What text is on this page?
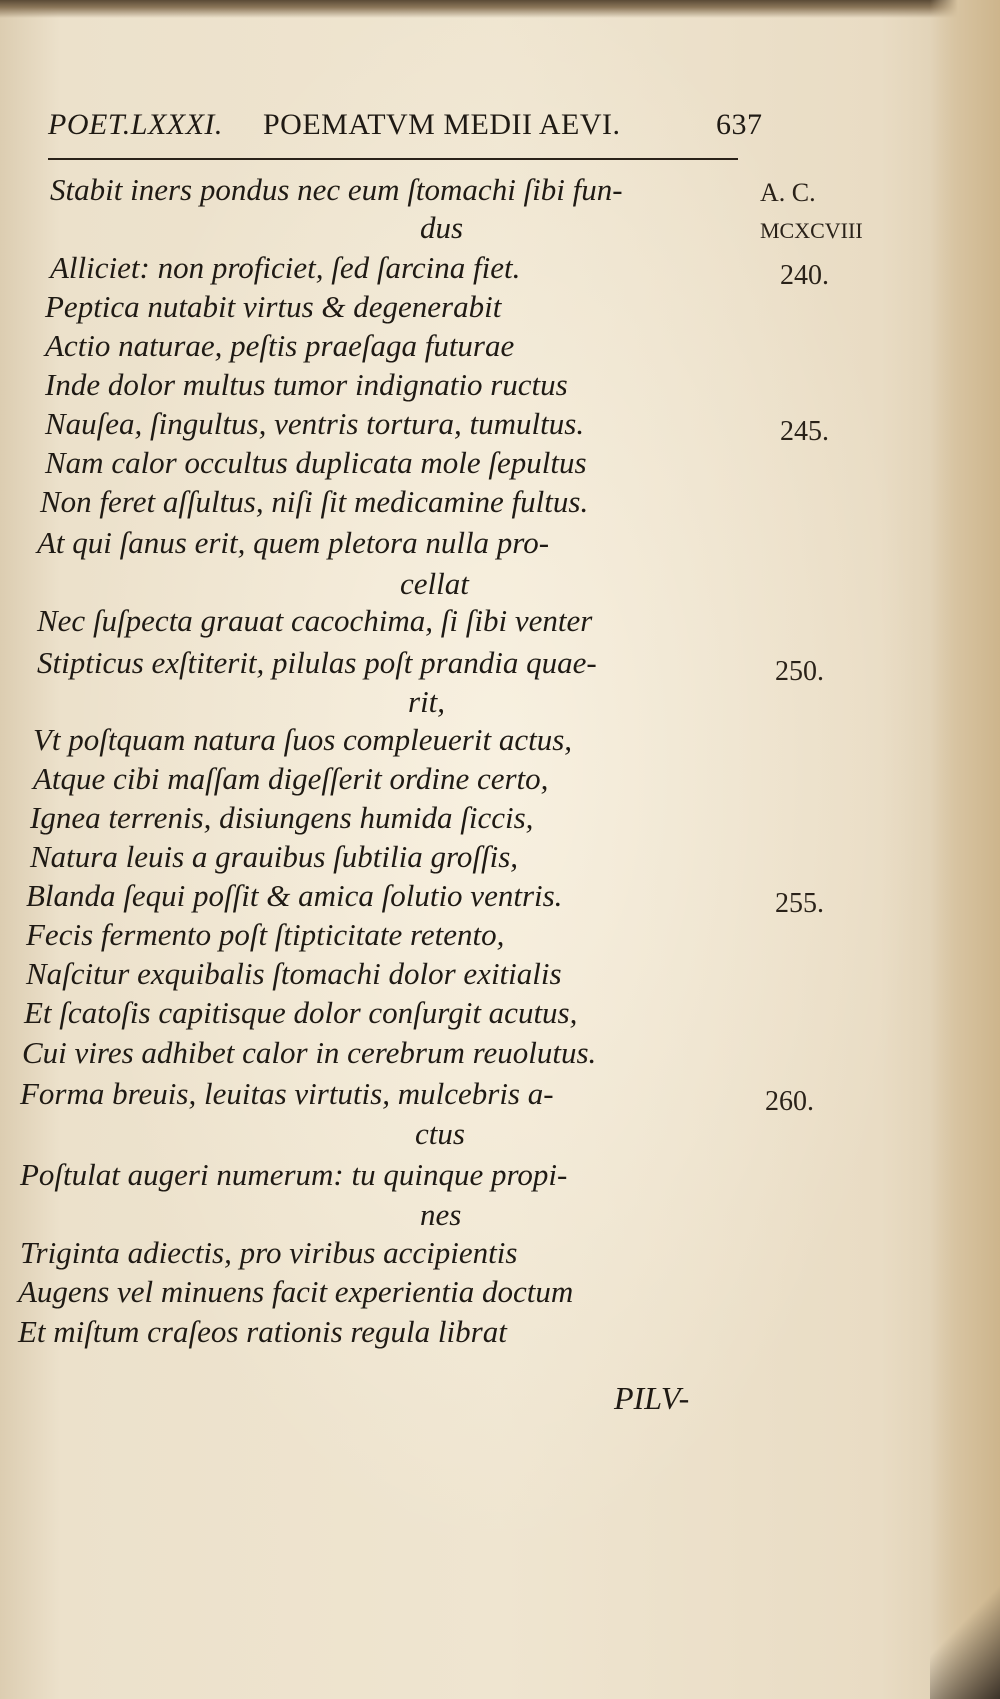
POET.LXXXI. POEMATVM MEDII AEVI.	637
A. C.
MCXCVIII
Stabit iners pondus nec eum ſtomachi ſibi fun-
dus
Alliciet: non proficiet, ſed ſarcina fiet.
Peptica nutabit virtus & degenerabit
Actio naturae, peſtis praeſaga futurae
Inde dolor multus tumor indignatio ructus
Nauſea, ſingultus, ventris tortura, tumultus.
Nam calor occultus duplicata mole ſepultus
Non feret aſſultus, niſi ſit medicamine fultus.
At qui ſanus erit, quem pletora nulla pro-
cellat
Nec ſuſpecta grauat cacochima, ſi ſibi venter
Stipticus exſtiterit, pilulas poſt prandia quae-
rit,
Vt poſtquam natura ſuos compleuerit actus,
Atque cibi maſſam digeſſerit ordine certo,
Ignea terrenis, disiungens humida ſiccis,
Natura leuis a grauibus ſubtilia groſſis,
Blanda ſequi poſſit & amica ſolutio ventris.
Fecis fermento poſt ſtipticitate retento,
Naſcitur exquibalis ſtomachi dolor exitialis
Et ſcatoſis capitisque dolor conſurgit acutus,
Cui vires adhibet calor in cerebrum reuolutus.
Forma breuis, leuitas virtutis, mulcebris a-
ctus
Poſtulat augeri numerum: tu quinque propi-
nes
Triginta adiectis, pro viribus accipientis
Augens vel minuens facit experientia doctum
Et miſtum craſeos rationis regula librat
240.
245.
250.
255.
260.
PILV-
